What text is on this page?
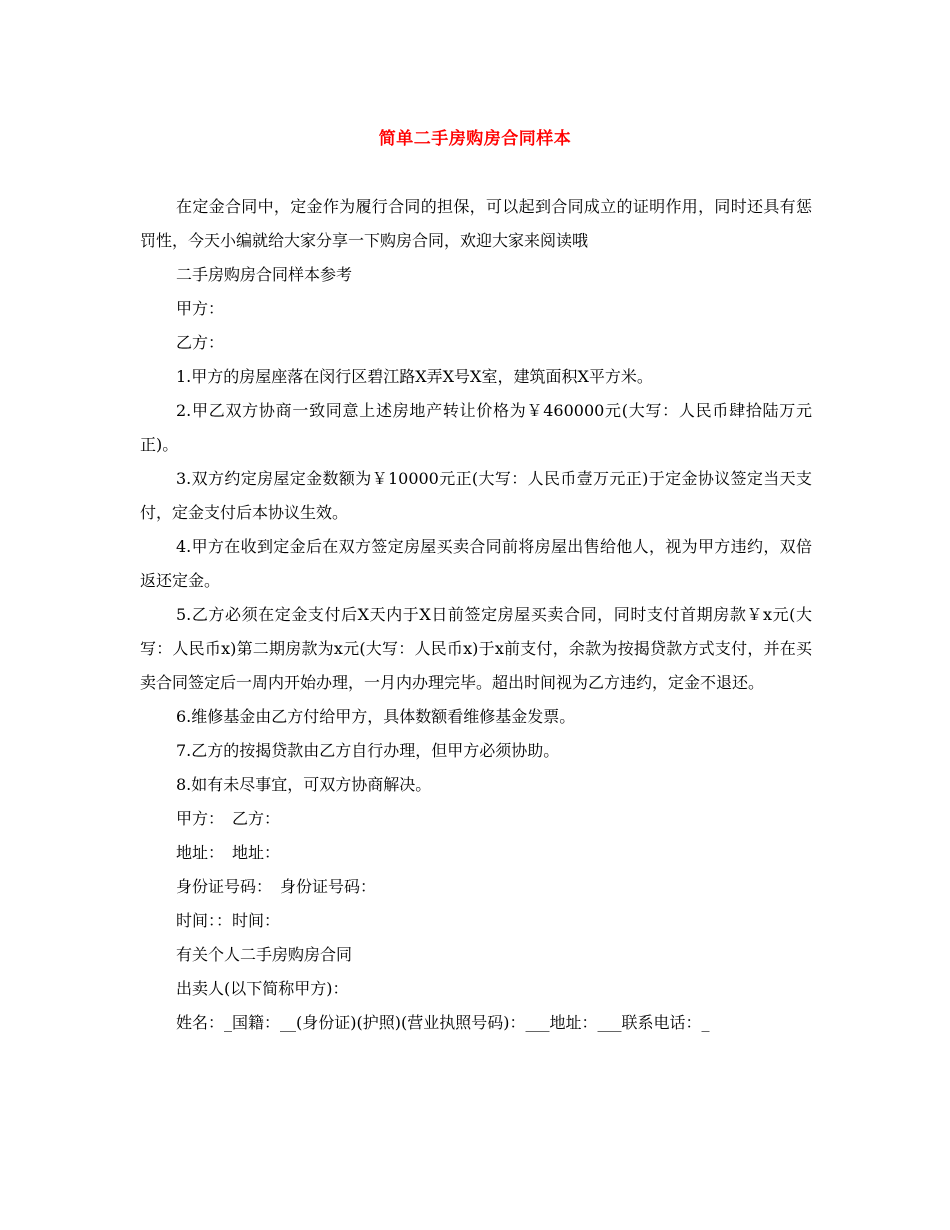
简单二手房购房合同样本

在定金合同中，定金作为履行合同的担保，可以起到合同成立的证明作用，同时还具有惩罚性，今天小编就给大家分享一下购房合同，欢迎大家来阅读哦

二手房购房合同样本参考

甲方：

乙方：

1.甲方的房屋座落在闵行区碧江路X弄X号X室，建筑面积X平方米。

2.甲乙双方协商一致同意上述房地产转让价格为￥460000元(大写：人民币肆拾陆万元正)。

3.双方约定房屋定金数额为￥10000元正(大写：人民币壹万元正)于定金协议签定当天支付，定金支付后本协议生效。

4.甲方在收到定金后在双方签定房屋买卖合同前将房屋出售给他人，视为甲方违约，双倍返还定金。

5.乙方必须在定金支付后X天内于X日前签定房屋买卖合同，同时支付首期房款￥x元(大写：人民币x)第二期房款为x元(大写：人民币x)于x前支付，余款为按揭贷款方式支付，并在买卖合同签定后一周内开始办理，一月内办理完毕。超出时间视为乙方违约，定金不退还。

6.维修基金由乙方付给甲方，具体数额看维修基金发票。

7.乙方的按揭贷款由乙方自行办理，但甲方必须协助。

8.如有未尽事宜，可双方协商解决。

甲方：　乙方：

地址：　地址：

身份证号码：　身份证号码：

时间：：时间：

有关个人二手房购房合同

出卖人(以下简称甲方)：

姓名：_国籍：__(身份证)(护照)(营业执照号码)：___地址：___联系电话：_
